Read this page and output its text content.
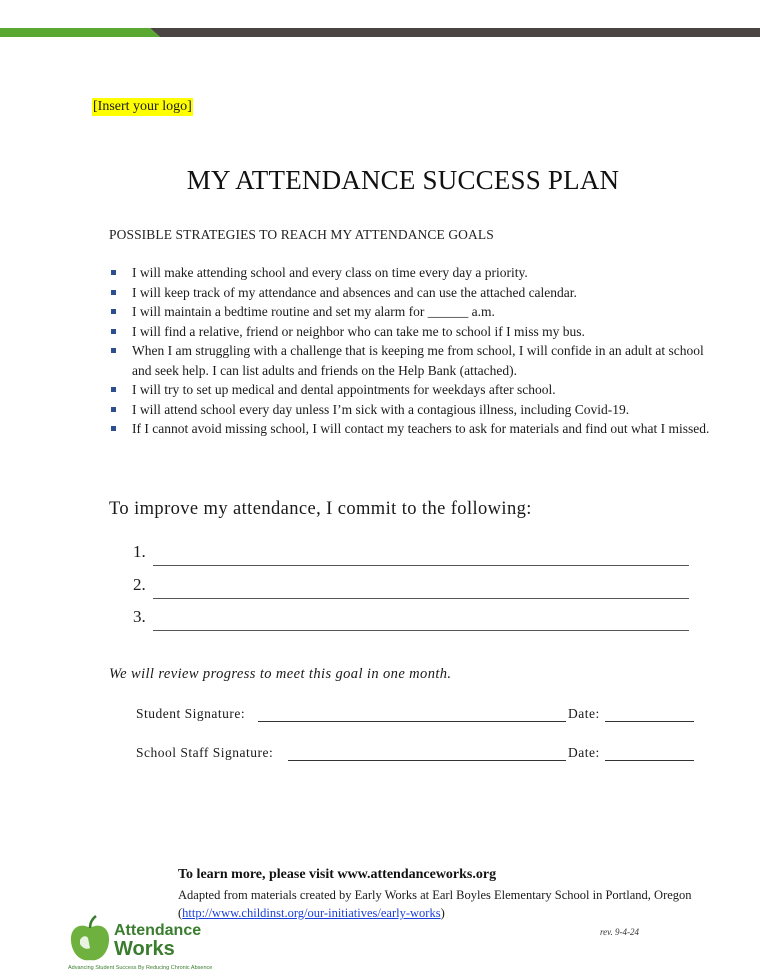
[Insert your logo]
MY ATTENDANCE SUCCESS PLAN
POSSIBLE STRATEGIES TO REACH MY ATTENDANCE GOALS
I will make attending school and every class on time every day a priority.
I will keep track of my attendance and absences and can use the attached calendar.
I will maintain a bedtime routine and set my alarm for ______ a.m.
I will find a relative, friend or neighbor who can take me to school if I miss my bus.
When I am struggling with a challenge that is keeping me from school, I will confide in an adult at school and seek help. I can list adults and friends on the Help Bank (attached).
I will try to set up medical and dental appointments for weekdays after school.
I will attend school every day unless I’m sick with a contagious illness, including Covid-19.
If I cannot avoid missing school, I will contact my teachers to ask for materials and find out what I missed.
To improve my attendance, I commit to the following:
1.
2.
3.
We will review progress to meet this goal in one month.
Student Signature:	Date:
School Staff Signature:	Date:
To learn more, please visit www.attendanceworks.org
Adapted from materials created by Early Works at Earl Boyles Elementary School in Portland, Oregon
(http://www.childinst.org/our-initiatives/early-works)
rev. 9-4-24
Attendance
Works
Advancing Student Success By Reducing Chronic Absence
